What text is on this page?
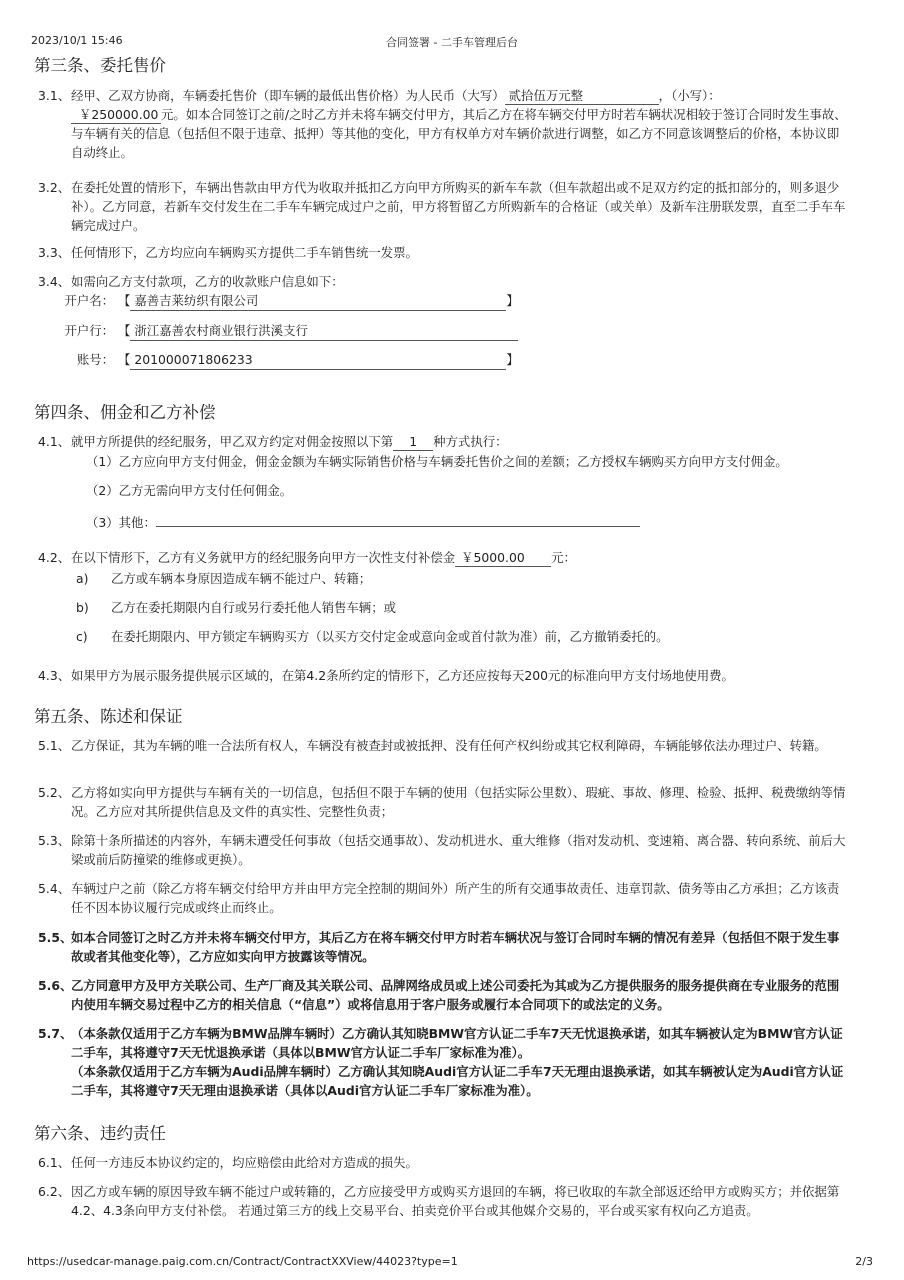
2023/10/1 15:46	合同签署 - 二手车管理后台
第三条、委托售价
3.1、 经甲、乙双方协商，车辆委托售价（即车辆的最低出售价格）为人民币（大写） 贰拾伍万元整	，（小写）：
￥250000.00 元。如本合同签订之前/之时乙方并未将车辆交付甲方，其后乙方在将车辆交付甲方时若车辆状况相较于签订合同时发生事故、与车辆有关的信息（包括但不限于违章、抵押）等其他的变化，甲方有权单方对车辆价款进行调整，如乙方不同意该调整后的价格，本协议即自动终止。
3.2、 在委托处置的情形下，车辆出售款由甲方代为收取并抵扣乙方向甲方所购买的新车车款（但车款超出或不足双方约定的抵扣部分的，则多退少补）。乙方同意，若新车交付发生在二手车车辆完成过户之前，甲方将暂留乙方所购新车的合格证（或关单）及新车注册联发票，直至二手车车辆完成过户。
3.3、 任何情形下，乙方均应向车辆购买方提供二手车销售统一发票。
3.4、 如需向乙方支付款项，乙方的收款账户信息如下：
开户名： 【 嘉善吉莱纺织有限公司	】
开户行： 【 浙江嘉善农村商业银行洪溪支行
账号： 【 201000071806233	】
第四条、佣金和乙方补偿
4.1、 就甲方所提供的经纪服务，甲乙双方约定对佣金按照以下第 1 种方式执行：
（1）乙方应向甲方支付佣金，佣金金额为车辆实际销售价格与车辆委托售价之间的差额；乙方授权车辆购买方向甲方支付佣金。
（2）乙方无需向甲方支付任何佣金。
（3）其他：
4.2、 在以下情形下，乙方有义务就甲方的经纪服务向甲方一次性支付补偿金 ￥5000.00 元：
a) 乙方或车辆本身原因造成车辆不能过户、转籍；
b) 乙方在委托期限内自行或另行委托他人销售车辆；或
c) 在委托期限内、甲方锁定车辆购买方（以买方交付定金或意向金或首付款为准）前，乙方撤销委托的。
4.3、 如果甲方为展示服务提供展示区域的，在第4.2条所约定的情形下，乙方还应按每天200元的标准向甲方支付场地使用费。
第五条、陈述和保证
5.1、 乙方保证，其为车辆的唯一合法所有权人，车辆没有被查封或被抵押、没有任何产权纠纷或其它权利障碍，车辆能够依法办理过户、转籍。
5.2、 乙方将如实向甲方提供与车辆有关的一切信息，包括但不限于车辆的使用（包括实际公里数）、瑕疵、事故、修理、检验、抵押、税费缴纳等情况。乙方应对其所提供信息及文件的真实性、完整性负责；
5.3、 除第十条所描述的内容外，车辆未遭受任何事故（包括交通事故）、发动机进水、重大维修（指对发动机、变速箱、离合器、转向系统、前后大梁或前后防撞梁的维修或更换）。
5.4、 车辆过户之前（除乙方将车辆交付给甲方并由甲方完全控制的期间外）所产生的所有交通事故责任、违章罚款、债务等由乙方承担；乙方该责任不因本协议履行完成或终止而终止。
5.5、
如本合同签订之时乙方并未将车辆交付甲方，其后乙方在将车辆交付甲方时若车辆状况与签订合同时车辆的情况有差异（包括但不限于发生事故或者其他变化等），乙方应如实向甲方披露该等情况。
5.6、
乙方同意甲方及甲方关联公司、生产厂商及其关联公司、品牌网络成员或上述公司委托为其或为乙方提供服务的服务提供商在专业服务的范围内使用车辆交易过程中乙方的相关信息（“信息”）或将信息用于客户服务或履行本合同项下的或法定的义务。
5.7、
（本条款仅适用于乙方车辆为BMW品牌车辆时）乙方确认其知晓BMW官方认证二手车7天无忧退换承诺，如其车辆被认定为BMW官方认证二手车，其将遵守7天无忧退换承诺（具体以BMW官方认证二手车厂家标准为准）。
（本条款仅适用于乙方车辆为Audi品牌车辆时）乙方确认其知晓Audi官方认证二手车7天无理由退换承诺，如其车辆被认定为Audi官方认证二手车，其将遵守7天无理由退换承诺（具体以Audi官方认证二手车厂家标准为准）。
第六条、违约责任
6.1、 任何一方违反本协议约定的，均应赔偿由此给对方造成的损失。
6.2、 因乙方或车辆的原因导致车辆不能过户或转籍的，乙方应接受甲方或购买方退回的车辆，将已收取的车款全部返还给甲方或购买方；并依据第4.2、4.3条向甲方支付补偿。 若通过第三方的线上交易平台、拍卖竞价平台或其他媒介交易的，平台或买家有权向乙方追责。
https://usedcar-manage.paig.com.cn/Contract/ContractXXView/44023?type=1	2/3
